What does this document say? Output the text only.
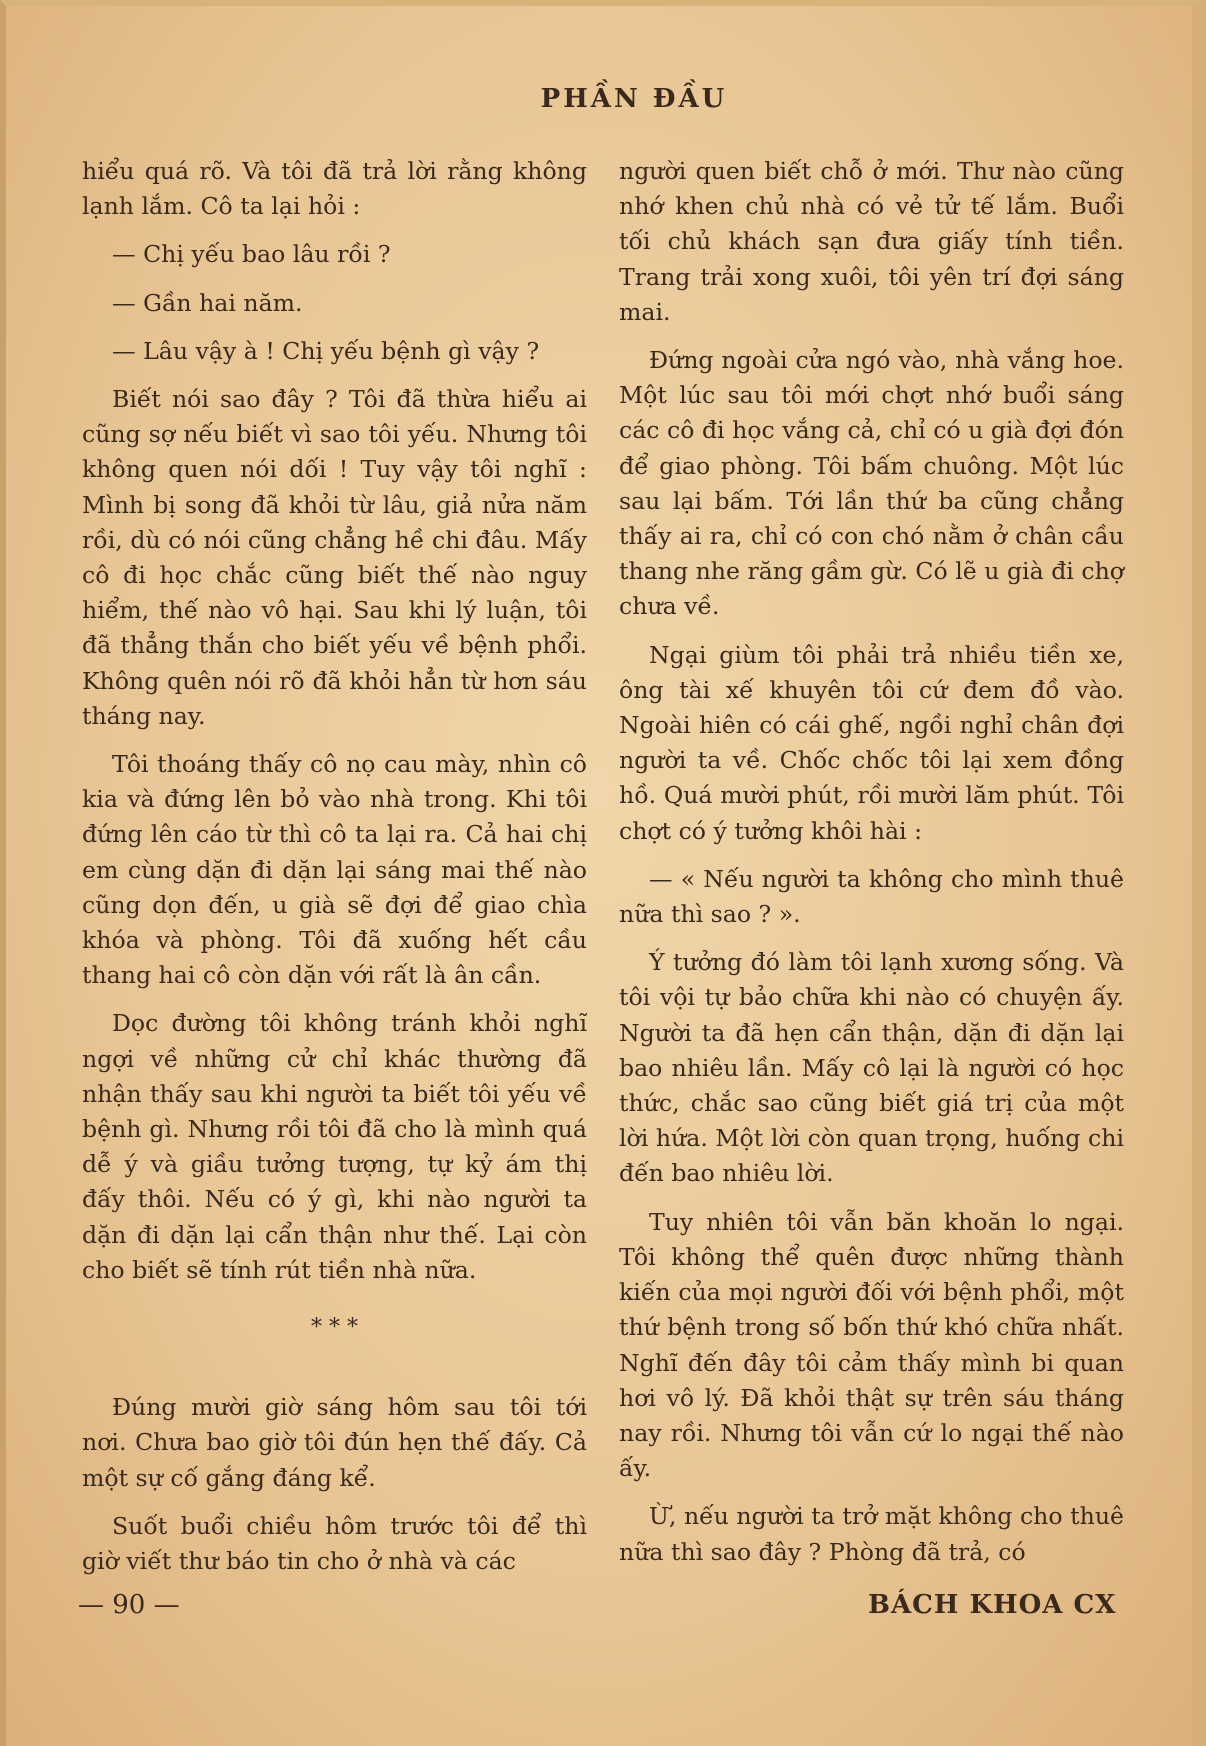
PHẦN ĐẦU

hiểu quá rõ. Và tôi đã trả lời rằng không lạnh lắm. Cô ta lại hỏi :

— Chị yếu bao lâu rồi ?

— Gần hai năm.

— Lâu vậy à ! Chị yếu bệnh gì vậy ?

Biết nói sao đây ? Tôi đã thừa hiểu ai cũng sợ nếu biết vì sao tôi yếu. Nhưng tôi không quen nói dối ! Tuy vậy tôi nghĩ : Mình bị song đã khỏi từ lâu, giả nửa năm rồi, dù có nói cũng chẳng hề chi đâu. Mấy cô đi học chắc cũng biết thế nào nguy hiểm, thế nào vô hại. Sau khi lý luận, tôi đã thẳng thắn cho biết yếu về bệnh phổi. Không quên nói rõ đã khỏi hẳn từ hơn sáu tháng nay.

Tôi thoáng thấy cô nọ cau mày, nhìn cô kia và đứng lên bỏ vào nhà trong. Khi tôi đứng lên cáo từ thì cô ta lại ra. Cả hai chị em cùng dặn đi dặn lại sáng mai thế nào cũng dọn đến, u già sẽ đợi để giao chìa khóa và phòng. Tôi đã xuống hết cầu thang hai cô còn dặn với rất là ân cần.

Dọc đường tôi không tránh khỏi nghĩ ngợi về những cử chỉ khác thường đã nhận thấy sau khi người ta biết tôi yếu về bệnh gì. Nhưng rồi tôi đã cho là mình quá dễ ý và giầu tưởng tượng, tự kỷ ám thị đấy thôi. Nếu có ý gì, khi nào người ta dặn đi dặn lại cẩn thận như thế. Lại còn cho biết sẽ tính rút tiền nhà nữa.

* * *

Đúng mười giờ sáng hôm sau tôi tới nơi. Chưa bao giờ tôi đún hẹn thế đấy. Cả một sự cố gắng đáng kể.

Suốt buổi chiều hôm trước tôi để thì giờ viết thư báo tin cho ở nhà và các

người quen biết chỗ ở mới. Thư nào cũng nhớ khen chủ nhà có vẻ tử tế lắm. Buổi tối chủ khách sạn đưa giấy tính tiền. Trang trải xong xuôi, tôi yên trí đợi sáng mai.

Đứng ngoài cửa ngó vào, nhà vắng hoe. Một lúc sau tôi mới chợt nhớ buổi sáng các cô đi học vắng cả, chỉ có u già đợi đón để giao phòng. Tôi bấm chuông. Một lúc sau lại bấm. Tới lần thứ ba cũng chẳng thấy ai ra, chỉ có con chó nằm ở chân cầu thang nhe răng gầm gừ. Có lẽ u già đi chợ chưa về.

Ngại giùm tôi phải trả nhiều tiền xe, ông tài xế khuyên tôi cứ đem đồ vào. Ngoài hiên có cái ghế, ngồi nghỉ chân đợi người ta về. Chốc chốc tôi lại xem đồng hồ. Quá mười phút, rồi mười lăm phút. Tôi chợt có ý tưởng khôi hài :

— « Nếu người ta không cho mình thuê nữa thì sao ? ».

Ý tưởng đó làm tôi lạnh xương sống. Và tôi vội tự bảo chữa khi nào có chuyện ấy. Người ta đã hẹn cẩn thận, dặn đi dặn lại bao nhiêu lần. Mấy cô lại là người có học thức, chắc sao cũng biết giá trị của một lời hứa. Một lời còn quan trọng, huống chi đến bao nhiêu lời.

Tuy nhiên tôi vẫn băn khoăn lo ngại. Tôi không thể quên được những thành kiến của mọi người đối với bệnh phổi, một thứ bệnh trong số bốn thứ khó chữa nhất. Nghĩ đến đây tôi cảm thấy mình bi quan hơi vô lý. Đã khỏi thật sự trên sáu tháng nay rồi. Nhưng tôi vẫn cứ lo ngại thế nào ấy.

Ừ, nếu người ta trở mặt không cho thuê nữa thì sao đây ? Phòng đã trả, có

— 90 —	BÁCH KHOA CX
